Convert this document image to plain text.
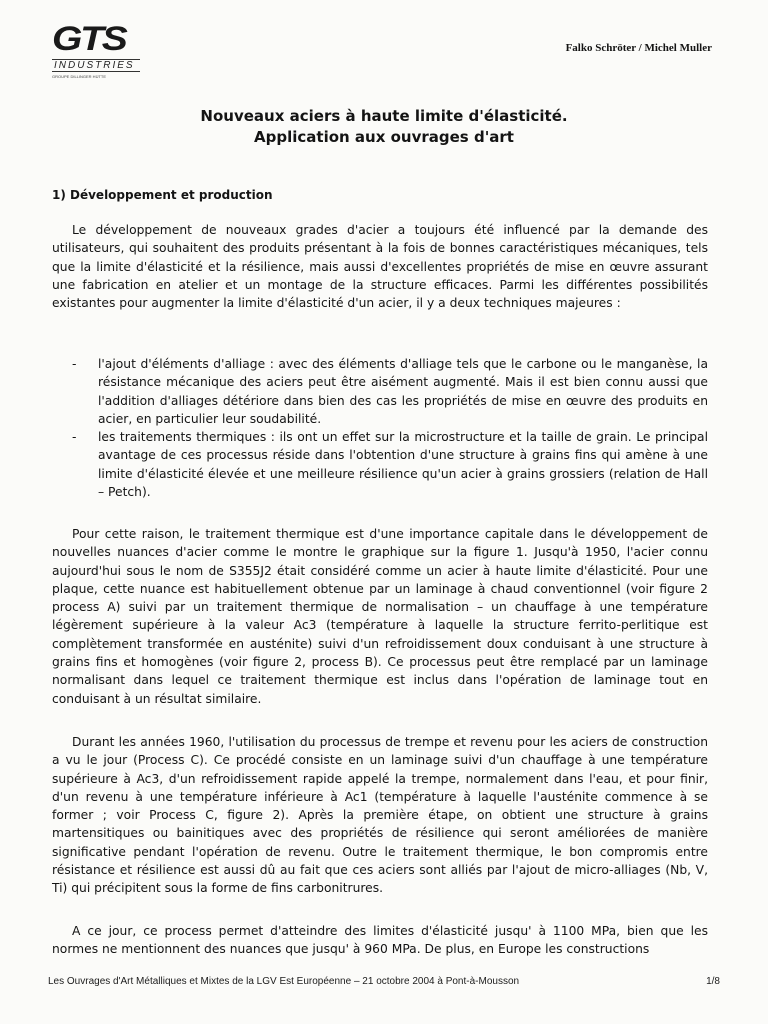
GTS
INDUSTRIES
GROUPE DILLINGER HÜTTE
Falko Schröter / Michel Muller
Nouveaux aciers à haute limite d'élasticité.
Application aux ouvrages d'art
1) Développement et production

Le développement de nouveaux grades d'acier a toujours été influencé par la demande des utilisateurs, qui souhaitent des produits présentant à la fois de bonnes caractéristiques mécaniques, tels que la limite d'élasticité et la résilience, mais aussi d'excellentes propriétés de mise en œuvre assurant une fabrication en atelier et un montage de la structure efficaces. Parmi les différentes possibilités existantes pour augmenter la limite d'élasticité d'un acier, il y a deux techniques majeures :

- l'ajout d'éléments d'alliage : avec des éléments d'alliage tels que le carbone ou le manganèse, la résistance mécanique des aciers peut être aisément augmenté. Mais il est bien connu aussi que l'addition d'alliages détériore dans bien des cas les propriétés de mise en œuvre des produits en acier, en particulier leur soudabilité.
- les traitements thermiques : ils ont un effet sur la microstructure et la taille de grain. Le principal avantage de ces processus réside dans l'obtention d'une structure à grains fins qui amène à une limite d'élasticité élevée et une meilleure résilience qu'un acier à grains grossiers (relation de Hall – Petch).

Pour cette raison, le traitement thermique est d'une importance capitale dans le développement de nouvelles nuances d'acier comme le montre le graphique sur la figure 1. Jusqu'à 1950, l'acier connu aujourd'hui sous le nom de S355J2 était considéré comme un acier à haute limite d'élasticité. Pour une plaque, cette nuance est habituellement obtenue par un laminage à chaud conventionnel (voir figure 2 process A) suivi par un traitement thermique de normalisation – un chauffage à une température légèrement supérieure à la valeur Ac3 (température à laquelle la structure ferrito-perlitique est complètement transformée en austénite) suivi d'un refroidissement doux conduisant à une structure à grains fins et homogènes (voir figure 2, process B). Ce processus peut être remplacé par un laminage normalisant dans lequel ce traitement thermique est inclus dans l'opération de laminage tout en conduisant à un résultat similaire.

Durant les années 1960, l'utilisation du processus de trempe et revenu pour les aciers de construction a vu le jour (Process C). Ce procédé consiste en un laminage suivi d'un chauffage à une température supérieure à Ac3, d'un refroidissement rapide appelé la trempe, normalement dans l'eau, et pour finir, d'un revenu à une température inférieure à Ac1 (température à laquelle l'austénite commence à se former ; voir Process C, figure 2). Après la première étape, on obtient une structure à grains martensitiques ou bainitiques avec des propriétés de résilience qui seront améliorées de manière significative pendant l'opération de revenu. Outre le traitement thermique, le bon compromis entre résistance et résilience est aussi dû au fait que ces aciers sont alliés par l'ajout de micro-alliages (Nb, V, Ti) qui précipitent sous la forme de fins carbonitrures.

A ce jour, ce process permet d'atteindre des limites d'élasticité jusqu' à 1100 MPa, bien que les normes ne mentionnent des nuances que jusqu' à 960 MPa. De plus, en Europe les constructions

Les Ouvrages d'Art Métalliques et Mixtes de la LGV Est Européenne – 21 octobre 2004 à Pont-à-Mousson	1/8
